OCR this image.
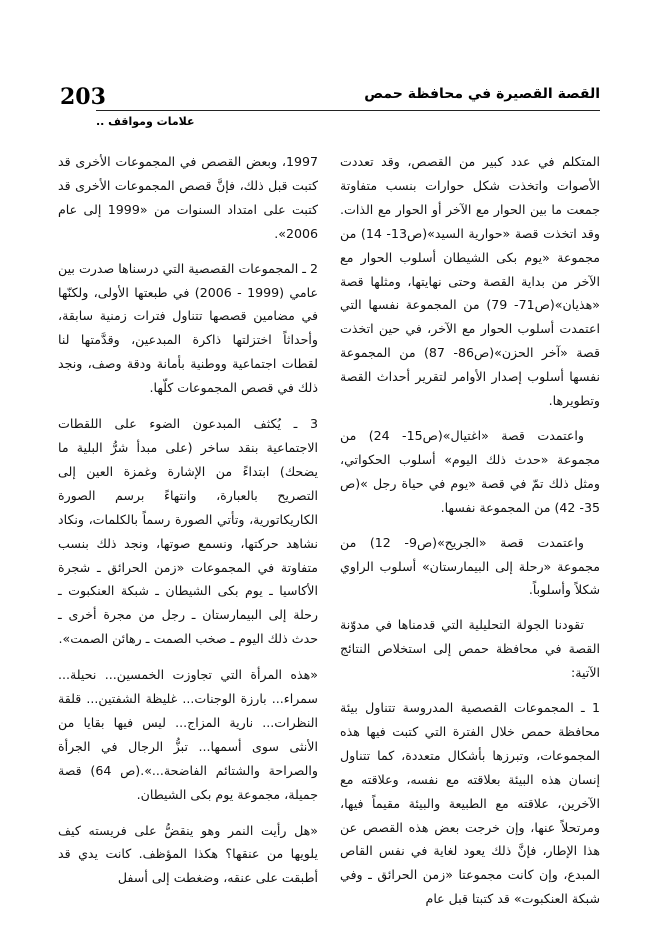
203	القصة القصيرة في محافظة حمص
علامات ومواقف ..

المتكلم في عدد كبير من القصص، وقد تعددت الأصوات واتخذت شكل حوارات بنسب متفاوتة جمعت ما بين الحوار مع الآخر أو الحوار مع الذات. وقد اتخذت قصة «حوارية السيد»(ص13- 14) من مجموعة «يوم بكى الشيطان أسلوب الحوار مع الآخر من بداية القصة وحتى نهايتها، ومثلها قصة «هذيان»(ص71- 79) من المجموعة نفسها التي اعتمدت أسلوب الحوار مع الآخر، في حين اتخذت قصة «آخر الحزن»(ص86- 87) من المجموعة نفسها أسلوب إصدار الأوامر لتقرير أحداث القصة وتطويرها.

واعتمدت قصة «اغتيال»(ص15- 24) من مجموعة «حدث ذلك اليوم» أسلوب الحكواتي، ومثل ذلك تمّ في قصة «يوم في حياة رجل »(ص 35- 42) من المجموعة نفسها.

واعتمدت قصة «الجريح»(ص9- 12) من مجموعة «رحلة إلى البيمارستان» أسلوب الراوي شكلاً وأسلوباً.

تقودنا الجولة التحليلية التي قدمناها في مدوّنة القصة في محافظة حمص إلى استخلاص النتائج الآتية:

1 ـ المجموعات القصصية المدروسة تتناول بيئة محافظة حمص خلال الفترة التي كتبت فيها هذه المجموعات، وتبرزها بأشكال متعددة، كما تتناول إنسان هذه البيئة بعلاقته مع نفسه، وعلاقته مع الآخرين، علاقته مع الطبيعة والبيئة مقيماً فيها، ومرتحلاً عنها، وإن خرجت بعض هذه القصص عن هذا الإطار، فإنَّ ذلك يعود لغاية في نفس القاص المبدع، وإن كانت مجموعتا «زمن الحرائق ـ وفي شبكة العنكبوت» قد كتبتا قبل عام

1997، وبعض القصص في المجموعات الأخرى قد كتبت قبل ذلك، فإنَّ قصص المجموعات الأخرى قد كتبت على امتداد السنوات من «1999 إلى عام 2006».

2 ـ المجموعات القصصية التي درسناها صدرت بين عامي (1999 - 2006) في طبعتها الأولى، ولكنّها في مضامين قصصها تتناول فترات زمنية سابقة، وأحداثاً اختزلتها ذاكرة المبدعين، وقدَّمتها لنا لقطات اجتماعية ووطنية بأمانة ودقة وصف، ونجد ذلك في قصص المجموعات كلّها.

3 ـ يُكثف المبدعون الضوء على اللقطات الاجتماعية بنقد ساخر (على مبدأ شرُّ البلية ما يضحك) ابتداءً من الإشارة وغمزة العين إلى التصريح بالعبارة، وانتهاءً برسم الصورة الكاريكاتورية، وتأتي الصورة رسماً بالكلمات، ونكاد نشاهد حركتها، ونسمع صوتها، ونجد ذلك بنسب متفاوتة في المجموعات «زمن الحرائق ـ شجرة الأكاسيا ـ يوم بكى الشيطان ـ شبكة العنكبوت ـ رحلة إلى البيمارستان ـ رجل من مجرة أخرى ـ حدث ذلك اليوم ـ صخب الصمت ـ رهائن الصمت».

«هذه المرأة التي تجاوزت الخمسين... نحيلة... سمراء... بارزة الوجنات... غليظة الشفتين... قلقة النظرات... نارية المزاج... ليس فيها بقايا من الأنثى سوى أسمها... تبزُّ الرجال في الجرأة والصراحة والشتائم الفاضحة...».(ص 64) قصة جميلة، مجموعة يوم بكى الشيطان.

«هل رأيت النمر وهو ينقضُّ على فريسته كيف يلويها من عنقها؟ هكذا المؤظف. كانت يدي قد أطبقت على عنقه، وضغطت إلى أسفل
